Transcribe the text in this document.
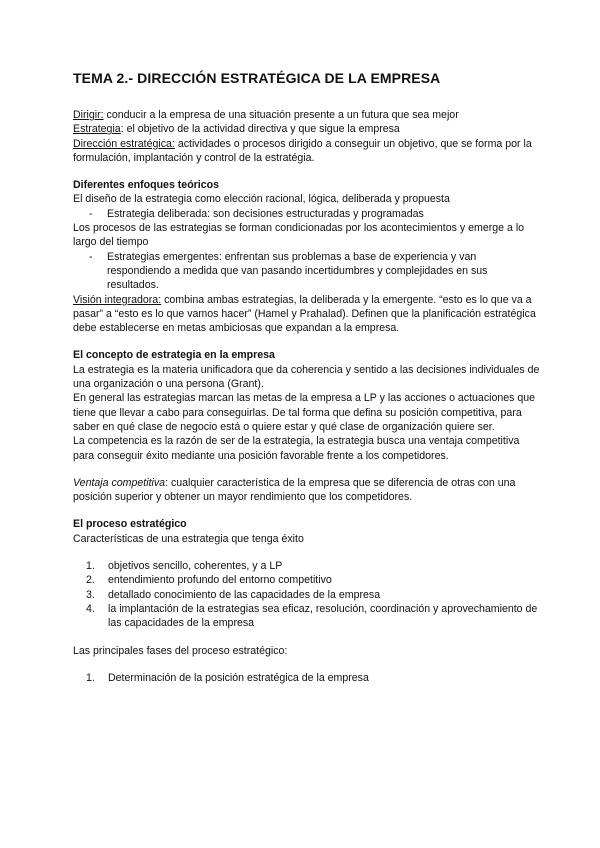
TEMA 2.- DIRECCIÓN ESTRATÉGICA DE LA EMPRESA

Dirigir: conducir a la empresa de una situación presente a un futura que sea mejor

Estrategia: el objetivo de la actividad directiva y que sigue la empresa

Dirección estratégica: actividades o procesos dirigido a conseguir un objetivo, que se forma por la formulación, implantación y control de la estratégia.

Diferentes enfoques teóricos

El diseño de la estrategia como elección racional, lógica, deliberada y propuesta

-	Estrategia deliberada: son decisiones estructuradas y programadas

Los procesos de las estrategias se forman condicionadas por los acontecimientos y emerge a lo largo del tiempo

-	Estrategias emergentes: enfrentan sus problemas a base de experiencia y van respondiendo a medida que van pasando incertidumbres y complejidades en sus resultados.

Visión integradora: combina ambas estrategias, la deliberada y la emergente. “esto es lo que va a pasar” a “esto es lo que vamos hacer” (Hamel y Prahalad). Definen que la planificación estratégica debe establecerse en metas ambiciosas que expandan a la empresa.

El concepto de estrategia en la empresa

La estrategia es la materia unificadora que da coherencia y sentido a las decisiones individuales de una organización o una persona (Grant).

En general las estrategias marcan las metas de la empresa a LP y las acciones o actuaciones que tiene que llevar a cabo para conseguirlas. De tal forma que defina su posición competitiva, para saber en qué clase de negocio está o quiere estar y qué clase de organización quiere ser.

La competencia es la razón de ser de la estrategia, la estrategia busca una ventaja competitiva para conseguir éxito mediante una posición favorable frente a los competidores.

Ventaja competitiva: cualquier característica de la empresa que se diferencia de otras con una posición superior y obtener un mayor rendimiento que los competidores.

El proceso estratégico

Características de una estrategia que tenga éxito

1.	objetivos sencillo, coherentes, y a LP
2.	entendimiento profundo del entorno competitivo
3.	detallado conocimiento de las capacidades de la empresa
4.	la implantación de la estrategias sea eficaz, resolución, coordinación y aprovechamiento de las capacidades de la empresa

Las principales fases del proceso estratégico:

1.	Determinación de la posición estratégica de la empresa
